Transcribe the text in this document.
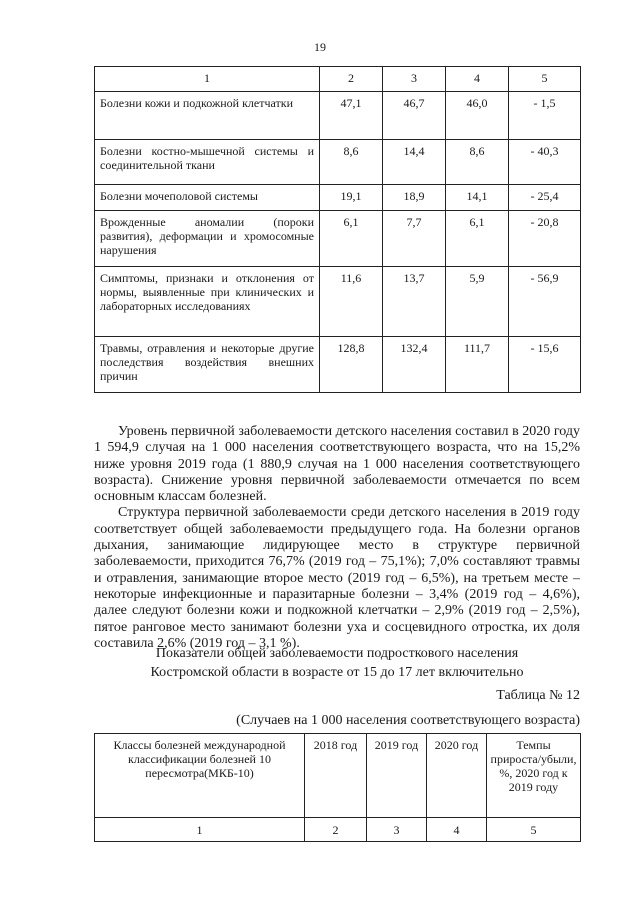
19
1	2	3	4	5
Болезни кожи и подкожной клетчатки	47,1	46,7	46,0	- 1,5
Болезни костно-мышечной системы и соединительной ткани	8,6	14,4	8,6	- 40,3
Болезни мочеполовой системы	19,1	18,9	14,1	- 25,4
Врожденные аномалии (пороки развития), деформации и хромосомные нарушения	6,1	7,7	6,1	- 20,8
Симптомы, признаки и отклонения от нормы, выявленные при клинических и лабораторных исследованиях	11,6	13,7	5,9	- 56,9
Травмы, отравления и некоторые другие последствия воздействия внешних причин	128,8	132,4	111,7	- 15,6

Уровень первичной заболеваемости детского населения составил в 2020 году 1 594,9 случая на 1 000 населения соответствующего возраста, что на 15,2% ниже уровня 2019 года (1 880,9 случая на 1 000 населения соответствующего возраста). Снижение уровня первичной заболеваемости отмечается по всем основным классам болезней.

Структура первичной заболеваемости среди детского населения в 2019 году соответствует общей заболеваемости предыдущего года. На болезни органов дыхания, занимающие лидирующее место в структуре первичной заболеваемости, приходится 76,7% (2019 год – 75,1%); 7,0% составляют травмы и отравления, занимающие второе место (2019 год – 6,5%), на третьем месте – некоторые инфекционные и паразитарные болезни – 3,4% (2019 год – 4,6%), далее следуют болезни кожи и подкожной клетчатки – 2,9% (2019 год – 2,5%), пятое ранговое место занимают болезни уха и сосцевидного отростка, их доля составила 2,6% (2019 год – 3,1 %).

Показатели общей заболеваемости подросткового населения
Костромской области в возрасте от 15 до 17 лет включительно
Таблица № 12
(Случаев на 1 000 населения соответствующего возраста)
Классы болезней международной классификации болезней 10 пересмотра(МКБ-10)	2018 год	2019 год	2020 год	Темпы прироста/убыли, %, 2020 год к 2019 году
1	2	3	4	5
